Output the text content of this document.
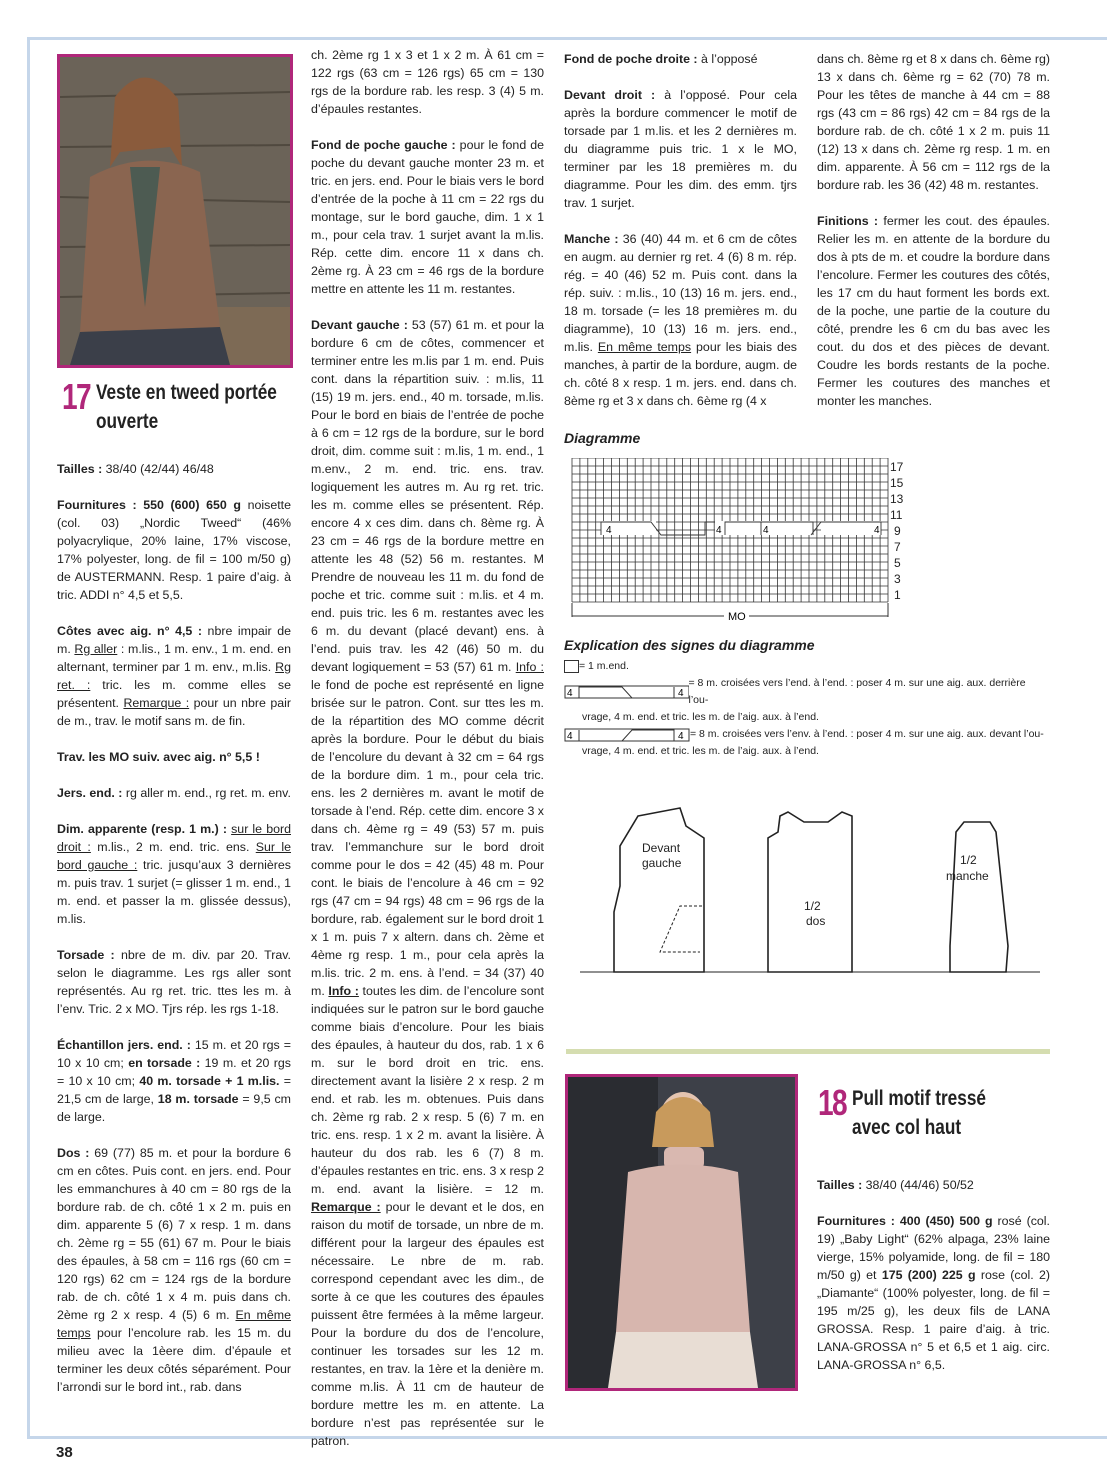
17 Veste en tweed portée
ouverte

Tailles : 38/40 (42/44) 46/48

Fournitures : 550 (600) 650 g noisette (col. 03) „Nordic Tweed“ (46% polyacrylique, 20% laine, 17% viscose, 17% polyester, long. de fil = 100 m/50 g) de AUSTERMANN. Resp. 1 paire d’aig. à tric. ADDI n° 4,5 et 5,5.

Côtes avec aig. n° 4,5 : nbre impair de m. Rg aller : m.lis., 1 m. env., 1 m. end. en alternant, terminer par 1 m. env., m.lis. Rg ret. : tric. les m. comme elles se présentent. Remarque : pour un nbre pair de m., trav. le motif sans m. de fin.

Trav. les MO suiv. avec aig. n° 5,5 !

Jers. end. : rg aller m. end., rg ret. m. env.

Dim. apparente (resp. 1 m.) : sur le bord droit : m.lis., 2 m. end. tric. ens. Sur le bord gauche : tric. jusqu’aux 3 dernières m. puis trav. 1 surjet (= glisser 1 m. end., 1 m. end. et passer la m. glissée dessus), m.lis.

Torsade : nbre de m. div. par 20. Trav. selon le diagramme. Les rgs aller sont représentés. Au rg ret. tric. ttes les m. à l’env. Tric. 2 x MO. Tjrs rép. les rgs 1-18.

Échantillon jers. end. : 15 m. et 20 rgs = 10 x 10 cm; en torsade : 19 m. et 20 rgs = 10 x 10 cm; 40 m. torsade + 1 m.lis. = 21,5 cm de large, 18 m. torsade = 9,5 cm de large.

Dos : 69 (77) 85 m. et pour la bordure 6 cm en côtes. Puis cont. en jers. end. Pour les emmanchures à 40 cm = 80 rgs de la bordure rab. de ch. côté 1 x 2 m. puis en dim. apparente 5 (6) 7 x resp. 1 m. dans ch. 2ème rg = 55 (61) 67 m. Pour le biais des épaules, à 58 cm = 116 rgs (60 cm = 120 rgs) 62 cm = 124 rgs de la bordure rab. de ch. côté 1 x 4 m. puis dans ch. 2ème rg 2 x resp. 4 (5) 6 m. En même temps pour l’encolure rab. les 15 m. du milieu avec la 1èere dim. d’épaule et terminer les deux côtés séparément. Pour l’arrondi sur le bord int., rab. dans

ch. 2ème rg 1 x 3 et 1 x 2 m. À 61 cm = 122 rgs (63 cm = 126 rgs) 65 cm = 130 rgs de la bordure rab. les resp. 3 (4) 5 m. d’épaules restantes.

Fond de poche gauche : pour le fond de poche du devant gauche monter 23 m. et tric. en jers. end. Pour le biais vers le bord d’entrée de la poche à 11 cm = 22 rgs du montage, sur le bord gauche, dim. 1 x 1 m., pour cela trav. 1 surjet avant la m.lis. Rép. cette dim. encore 11 x dans ch. 2ème rg. À 23 cm = 46 rgs de la bordure mettre en attente les 11 m. restantes.

Devant gauche : 53 (57) 61 m. et pour la bordure 6 cm de côtes, commencer et terminer entre les m.lis par 1 m. end. Puis cont. dans la répartition suiv. : m.lis, 11 (15) 19 m. jers. end., 40 m. torsade, m.lis. Pour le bord en biais de l’entrée de poche à 6 cm = 12 rgs de la bordure, sur le bord droit, dim. comme suit : m.lis, 1 m. end., 1 m.env., 2 m. end. tric. ens. trav. logiquement les autres m. Au rg ret. tric. les m. comme elles se présentent. Rép. encore 4 x ces dim. dans ch. 8ème rg. À 23 cm = 46 rgs de la bordure mettre en attente les 48 (52) 56 m. restantes. M Prendre de nouveau les 11 m. du fond de poche et tric. comme suit : m.lis. et 4 m. end. puis tric. les 6 m. restantes avec les 6 m. du devant (placé devant) ens. à l’end. puis trav. les 42 (46) 50 m. du devant logiquement = 53 (57) 61 m. Info : le fond de poche est représenté en ligne brisée sur le patron. Cont. sur ttes les m. de la répartition des MO comme décrit après la bordure. Pour le début du biais de l’encolure du devant à 32 cm = 64 rgs de la bordure dim. 1 m., pour cela tric. ens. les 2 dernières m. avant le motif de torsade à l’end. Rép. cette dim. encore 3 x dans ch. 4ème rg = 49 (53) 57 m. puis trav. l’emmanchure sur le bord droit comme pour le dos = 42 (45) 48 m. Pour cont. le biais de l’encolure à 46 cm = 92 rgs (47 cm = 94 rgs) 48 cm = 96 rgs de la bordure, rab. également sur le bord droit 1 x 1 m. puis 7 x altern. dans ch. 2ème et 4ème rg resp. 1 m., pour cela après la m.lis. tric. 2 m. ens. à l’end. = 34 (37) 40 m. Info : toutes les dim. de l’encolure sont indiquées sur le patron sur le bord gauche comme biais d’encolure. Pour les biais des épaules, à hauteur du dos, rab. 1 x 6 m. sur le bord droit en tric. ens. directement avant la lisière 2 x resp. 2 m end. et rab. les m. obtenues. Puis dans ch. 2ème rg rab. 2 x resp. 5 (6) 7 m. en tric. ens. resp. 1 x 2 m. avant la lisière. À hauteur du dos rab. les 6 (7) 8 m. d’épaules restantes en tric. ens. 3 x resp 2 m. end. avant la lisière. = 12 m. Remarque : pour le devant et le dos, en raison du motif de torsade, un nbre de m. différent pour la largeur des épaules est nécessaire. Le nbre de m. rab. correspond cependant avec les dim., de sorte à ce que les coutures des épaules puissent être fermées à la même largeur. Pour la bordure du dos de l’encolure, continuer les torsades sur les 12 m. restantes, en trav. la 1ère et la denière m. comme m.lis. À 11 cm de hauteur de bordure mettre les m. en attente. La bordure n’est pas représentée sur le patron.

Fond de poche droite : à l’opposé

Devant droit : à l’opposé. Pour cela après la bordure commencer le motif de torsade par 1 m.lis. et les 2 dernières m. du diagramme puis tric. 1 x le MO, terminer par les 18 premières m. du diagramme. Pour les dim. des emm. tjrs trav. 1 surjet.

Manche : 36 (40) 44 m. et 6 cm de côtes en augm. au dernier rg ret. 4 (6) 8 m. rép. rég. = 40 (46) 52 m. Puis cont. dans la rép. suiv. : m.lis., 10 (13) 16 m. jers. end., 18 m. torsade (= les 18 premières m. du diagramme), 10 (13) 16 m. jers. end., m.lis. En même temps pour les biais des manches, à partir de la bordure, augm. de ch. côté 8 x resp. 1 m. jers. end. dans ch. 8ème rg et 3 x dans ch. 6ème rg (4 x

dans ch. 8ème rg et 8 x dans ch. 6ème rg) 13 x dans ch. 6ème rg = 62 (70) 78 m. Pour les têtes de manche à 44 cm = 88 rgs (43 cm = 86 rgs) 42 cm = 84 rgs de la bordure rab. de ch. côté 1 x 2 m. puis 11 (12) 13 x dans ch. 2ème rg resp. 1 m. en dim. apparente. À 56 cm = 112 rgs de la bordure rab. les 36 (42) 48 m. restantes.

Finitions : fermer les cout. des épaules. Relier les m. en attente de la bordure du dos à pts de m. et coudre la bordure dans l’encolure. Fermer les coutures des côtés, les 17 cm du haut forment les bords ext. de la poche, une partie de la couture du côté, prendre les 6 cm du bas avec les cout. du dos et des pièces de devant. Coudre les bords restants de la poche. Fermer les coutures des manches et monter les manches.

Diagramme
4	4	4	4
MO
17
15
13
11
9
7
5
3
1
Explication des signes du diagramme
= 1 m.end.
4	4
= 8 m. croisées vers l’end. à l’end. : poser 4 m. sur une aig. aux. derrière l’ou-
vrage, 4 m. end. et tric. les m. de l’aig. aux. à l’end.
4	4 = 8 m. croisées vers l’env. à l’end. : poser 4 m. sur une aig. aux. devant l’ou-
vrage, 4 m. end. et tric. les m. de l’aig. aux. à l’end.
Devant
gauche
1/2
dos
1/2
manche
18 Pull motif tressé
avec col haut

Tailles : 38/40 (44/46) 50/52

Fournitures : 400 (450) 500 g rosé (col. 19) „Baby Light“ (62% alpaga, 23% laine vierge, 15% polyamide, long. de fil = 180 m/50 g) et 175 (200) 225 g rose (col. 2) „Diamante“ (100% polyester, long. de fil = 195 m/25 g), les deux fils de LANA GROSSA. Resp. 1 paire d’aig. à tric. LANA-GROSSA n° 5 et 6,5 et 1 aig. circ. LANA-GROSSA n° 6,5.

38
